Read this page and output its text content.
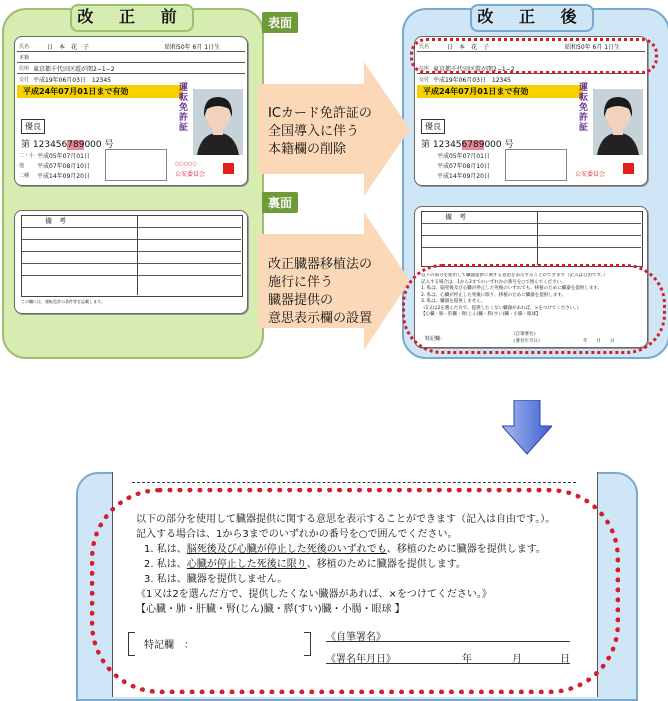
改 正 前	改 正 後
表面
裏面
ICカード免許証の
全国導入に伴う
本籍欄の削除
改正臓器移植法の
施行に伴う
臓器提供の
意思表示欄の設置
氏名	日　本　花　子	昭和50年 6月 1日生
本籍
住所 東京都千代田区霞が関2−1−2
交付 平成19年06月03日　12345
平成24年07月01日まで有効
優良
第 123456789000 号
二・小 平成05年07月01日
他 平成07年08月10日
二種 平成14年09月20日
運転免許証
○○○○○
公安委員会
備　考
この欄には、運転免許の条件等を記載します。
氏名	日　本　花　子	昭和50年 6月 1日生
住所 東京都千代田区霞が関2−1−2
交付 平成19年06月03日　12345
平成24年07月01日まで有効
優良
第 123456789000 号
平成05年07月01日
平成07年08月10日
平成14年09月20日
運転免許証
公安委員会
備　考
以下の部分を使用して臓器提供に関する意思を表示することができます（記入は自由です。）
記入する場合は、1から3までのいずれかの番号を○で囲んでください。
1. 私は、脳死後及び心臓が停止した死後のいずれでも、移植のために臓器を提供します。
2. 私は、心臓が停止した死後に限り、移植のために臓器を提供します。
3. 私は、臓器を提供しません。
《1又は2を選んだ方で、提供したくない臓器があれば、×をつけてください。》
【心臓・肺・肝臓・腎(じん)臓・膵(すい)臓・小腸・眼球】
特記欄：
《自筆署名》
《署名年月日》	年　　月　　日
以下の部分を使用して臓器提供に関する意思を表示することができます（記入は自由です。）。
記入する場合は、1から3までのいずれかの番号を○で囲んでください。
1. 私は、脳死後及び心臓が停止した死後のいずれでも、移植のために臓器を提供します。
2. 私は、心臓が停止した死後に限り、移植のために臓器を提供します。
3. 私は、臓器を提供しません。
《1又は2を選んだ方で、提供したくない臓器があれば、×をつけてください。》
【心臓・肺・肝臓・腎(じん)臓・膵(すい)臓・小腸・眼球 】
特記欄　：
《自筆署名》
《署名年月日》	年	月	日
